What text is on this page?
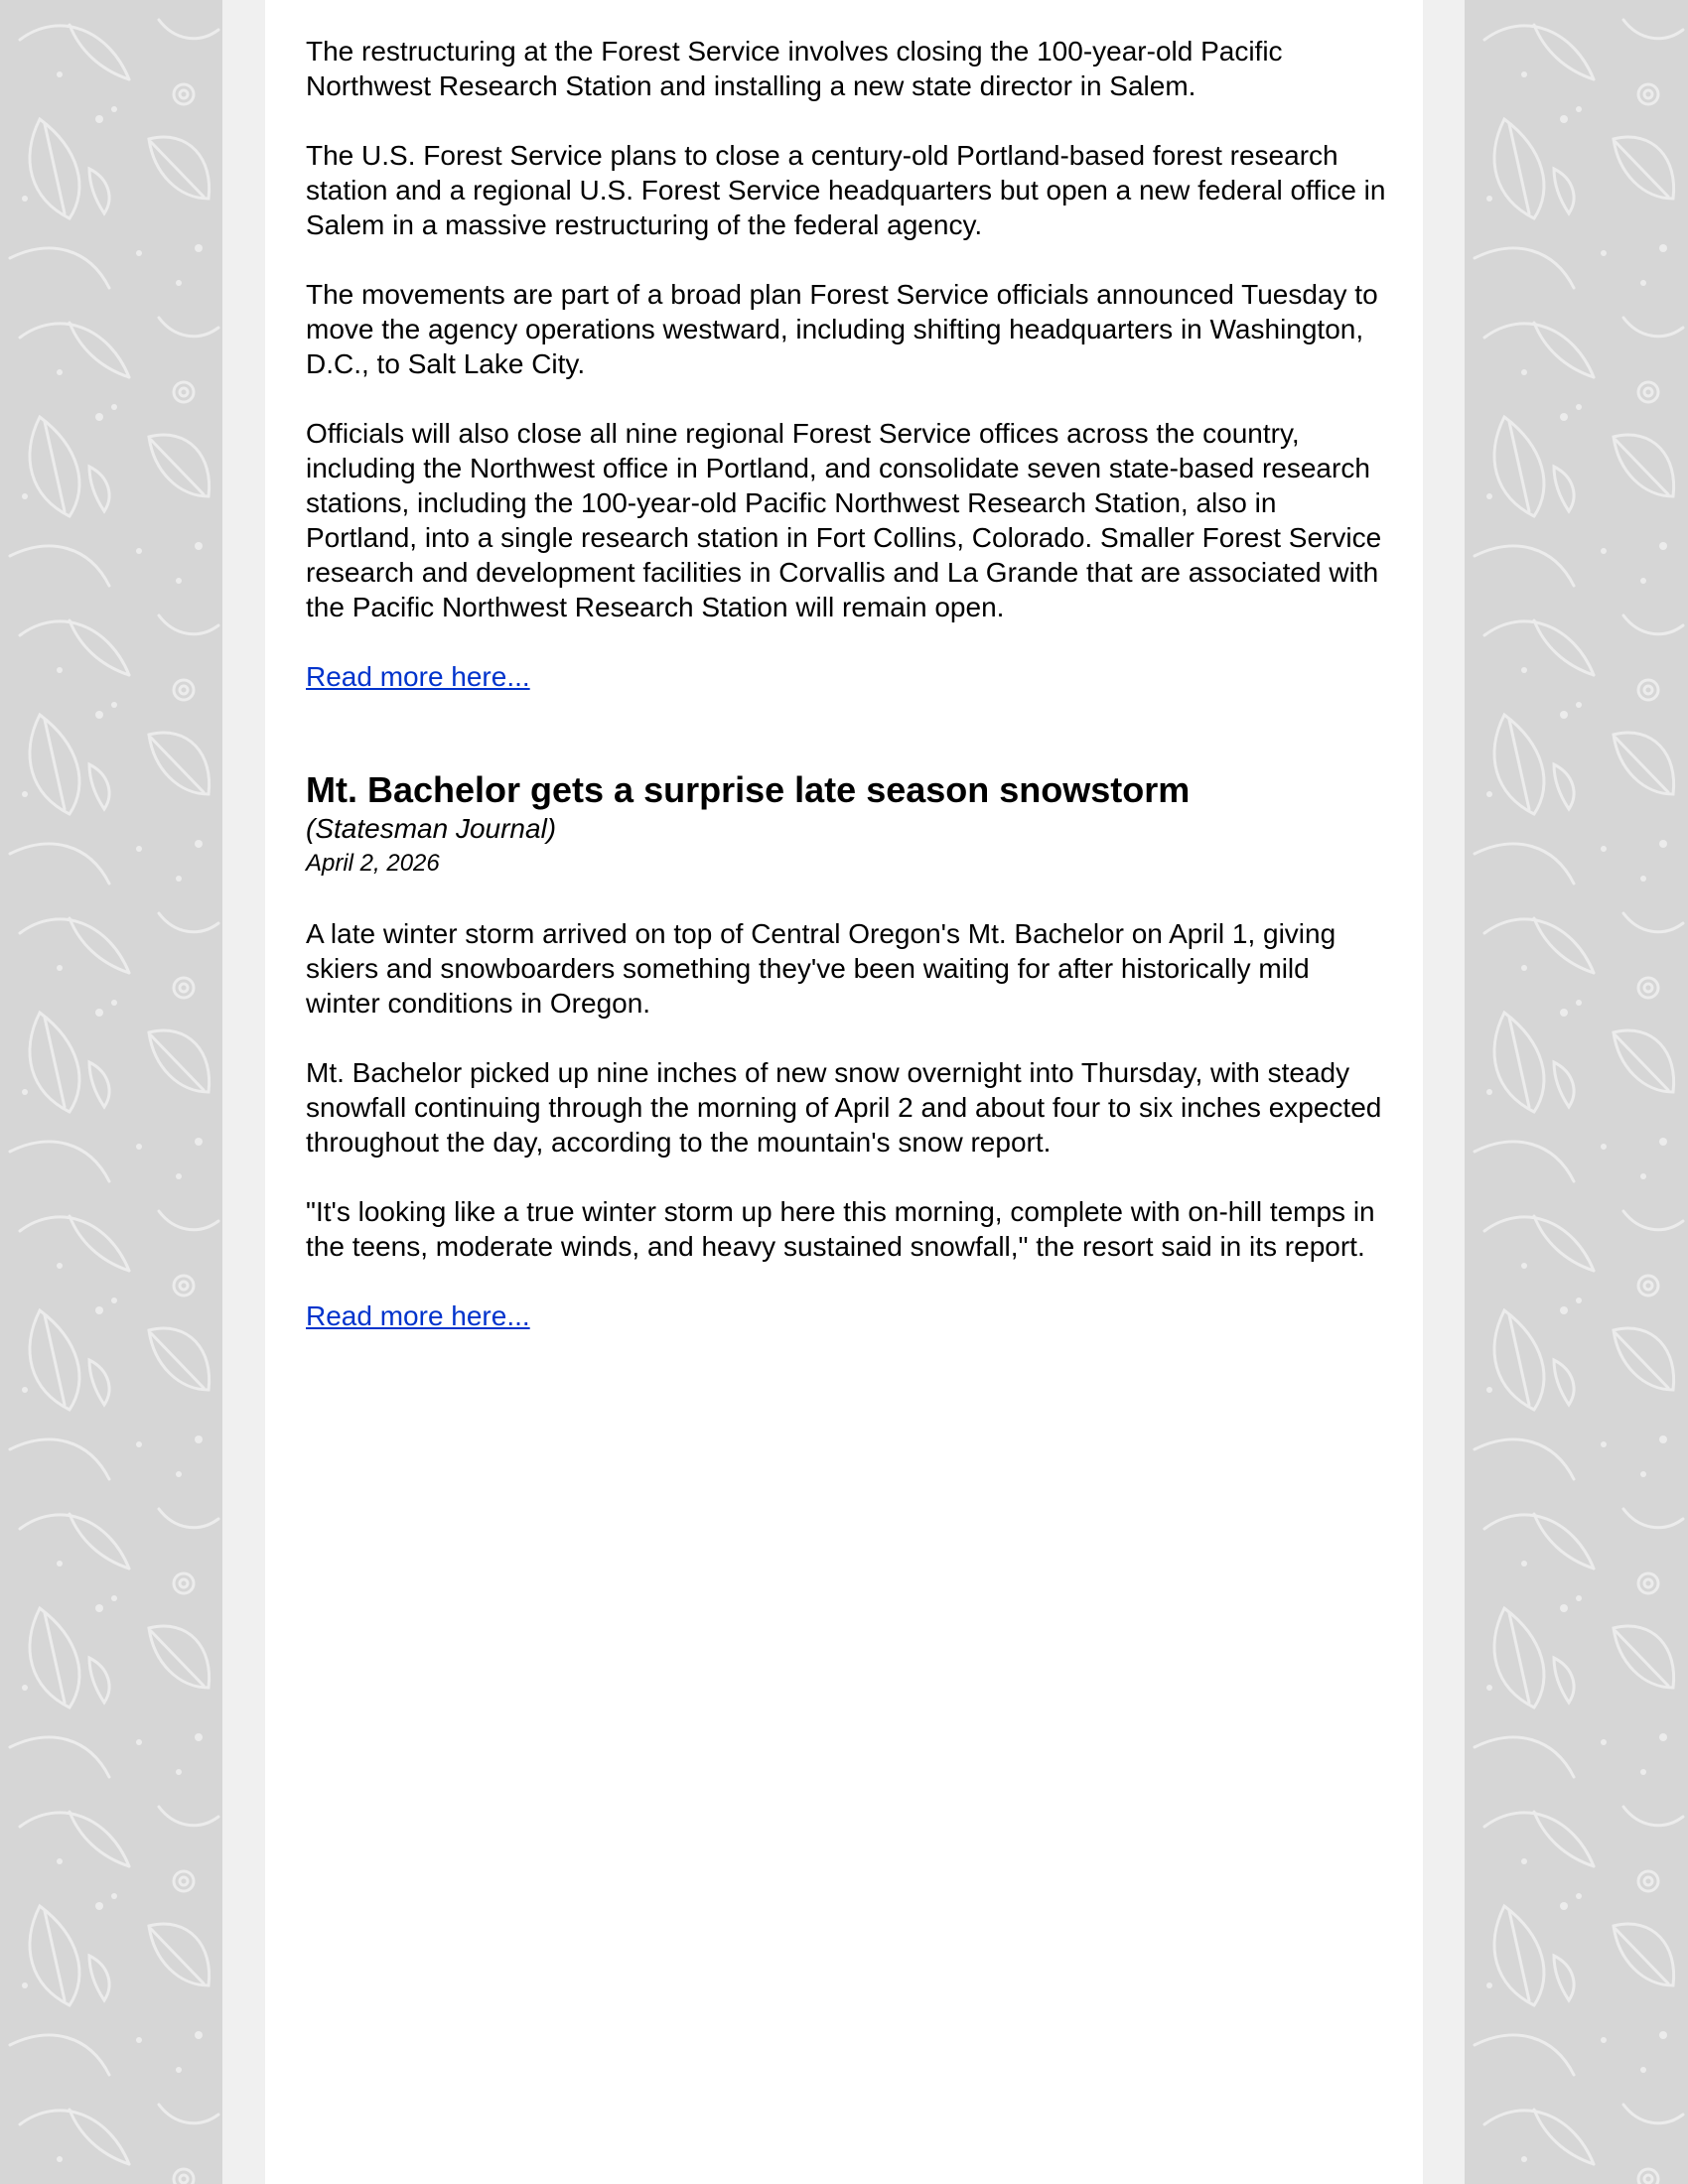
The restructuring at the Forest Service involves closing the 100-year-old Pacific Northwest Research Station and installing a new state director in Salem.

The U.S. Forest Service plans to close a century-old Portland-based forest research station and a regional U.S. Forest Service headquarters but open a new federal office in Salem in a massive restructuring of the federal agency.

The movements are part of a broad plan Forest Service officials announced Tuesday to move the agency operations westward, including shifting headquarters in Washington, D.C., to Salt Lake City.

Officials will also close all nine regional Forest Service offices across the country, including the Northwest office in Portland, and consolidate seven state-based research stations, including the 100-year-old Pacific Northwest Research Station, also in Portland, into a single research station in Fort Collins, Colorado. Smaller Forest Service research and development facilities in Corvallis and La Grande that are associated with the Pacific Northwest Research Station will remain open.

Read more here...
Mt. Bachelor gets a surprise late season snowstorm

(Statesman Journal)

April 2, 2026

A late winter storm arrived on top of Central Oregon's Mt. Bachelor on April 1, giving skiers and snowboarders something they've been waiting for after historically mild winter conditions in Oregon.

Mt. Bachelor picked up nine inches of new snow overnight into Thursday, with steady snowfall continuing through the morning of April 2 and about four to six inches expected throughout the day, according to the mountain's snow report.

"It's looking like a true winter storm up here this morning, complete with on-hill temps in the teens, moderate winds, and heavy sustained snowfall," the resort said in its report.

Read more here...
